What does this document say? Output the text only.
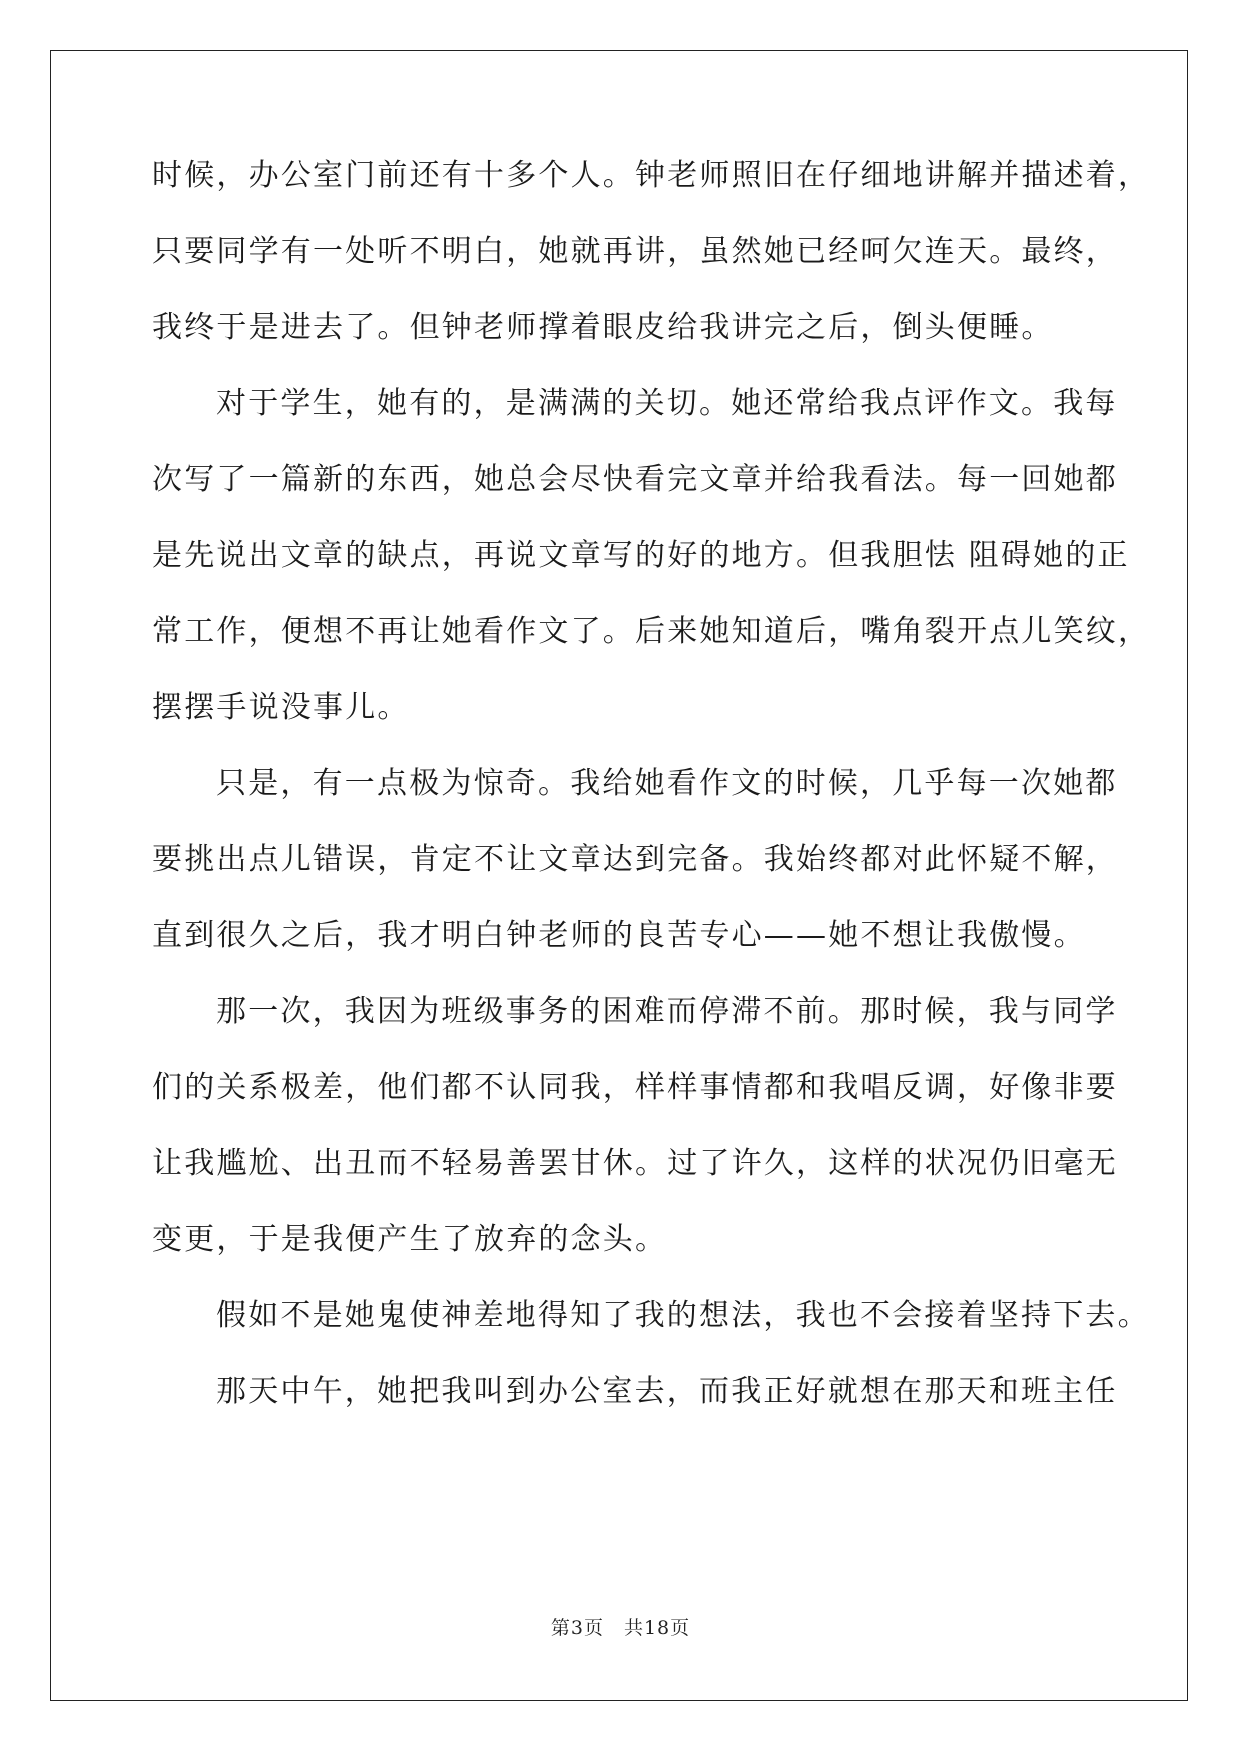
时候，办公室门前还有十多个人。钟老师照旧在仔细地讲解并描述着，
只要同学有一处听不明白，她就再讲，虽然她已经呵欠连天。最终，
我终于是进去了。但钟老师撑着眼皮给我讲完之后，倒头便睡。
对于学生，她有的，是满满的关切。她还常给我点评作文。我每
次写了一篇新的东西，她总会尽快看完文章并给我看法。每一回她都
是先说出文章的缺点，再说文章写的好的地方。但我胆怯 阻碍她的正
常工作，便想不再让她看作文了。后来她知道后，嘴角裂开点儿笑纹，
摆摆手说没事儿。
只是，有一点极为惊奇。我给她看作文的时候，几乎每一次她都
要挑出点儿错误，肯定不让文章达到完备。我始终都对此怀疑不解，
直到很久之后，我才明白钟老师的良苦专心——她不想让我傲慢。
那一次，我因为班级事务的困难而停滞不前。那时候，我与同学
们的关系极差，他们都不认同我，样样事情都和我唱反调，好像非要
让我尴尬、出丑而不轻易善罢甘休。过了许久，这样的状况仍旧毫无
变更，于是我便产生了放弃的念头。
假如不是她鬼使神差地得知了我的想法，我也不会接着坚持下去。
那天中午，她把我叫到办公室去，而我正好就想在那天和班主任
第3页　共18页
